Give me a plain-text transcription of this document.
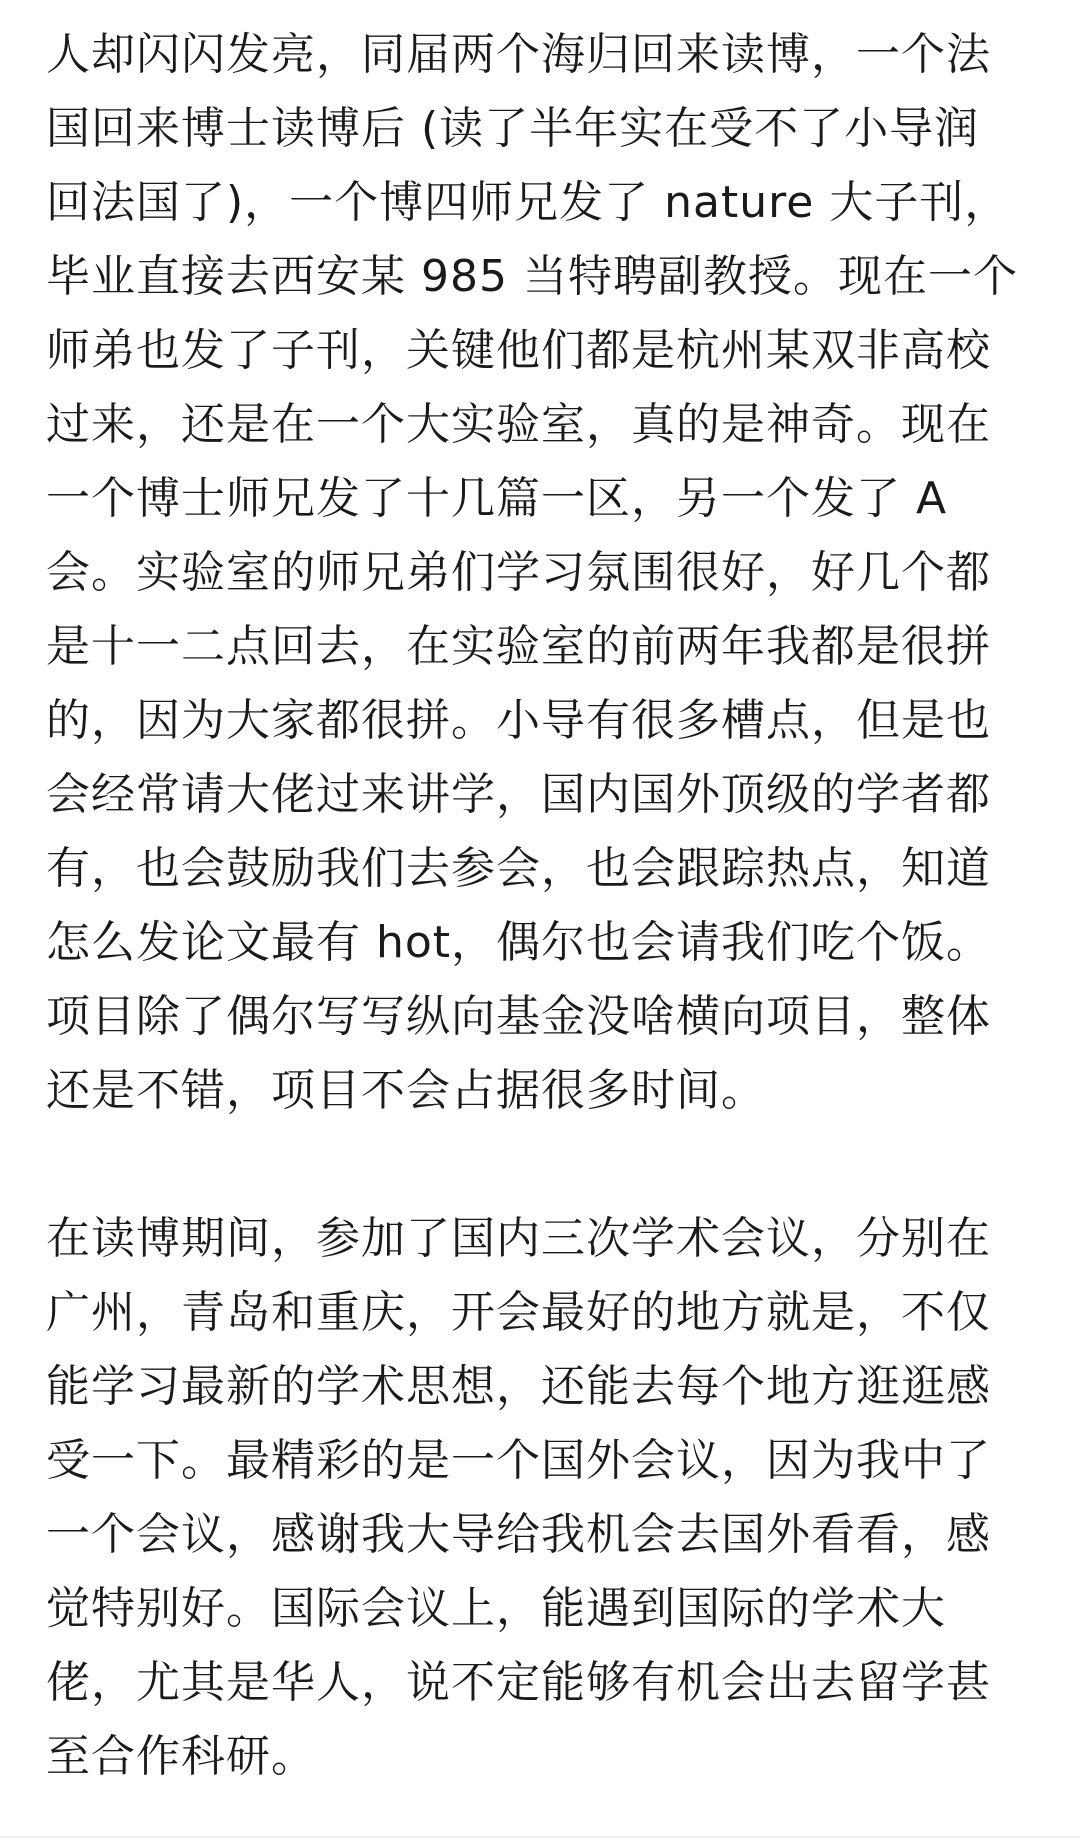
人却闪闪发亮，同届两个海归回来读博，一个法
国回来博士读博后 (读了半年实在受不了小导润
回法国了)，一个博四师兄发了 nature 大子刊，
毕业直接去西安某 985 当特聘副教授。现在一个
师弟也发了子刊，关键他们都是杭州某双非高校
过来，还是在一个大实验室，真的是神奇。现在
一个博士师兄发了十几篇一区，另一个发了 A
会。实验室的师兄弟们学习氛围很好，好几个都
是十一二点回去，在实验室的前两年我都是很拼
的，因为大家都很拼。小导有很多槽点，但是也
会经常请大佬过来讲学，国内国外顶级的学者都
有，也会鼓励我们去参会，也会跟踪热点，知道
怎么发论文最有 hot，偶尔也会请我们吃个饭。
项目除了偶尔写写纵向基金没啥横向项目，整体
还是不错，项目不会占据很多时间。
在读博期间，参加了国内三次学术会议，分别在
广州，青岛和重庆，开会最好的地方就是，不仅
能学习最新的学术思想，还能去每个地方逛逛感
受一下。最精彩的是一个国外会议，因为我中了
一个会议，感谢我大导给我机会去国外看看，感
觉特别好。国际会议上，能遇到国际的学术大
佬，尤其是华人，说不定能够有机会出去留学甚
至合作科研。
